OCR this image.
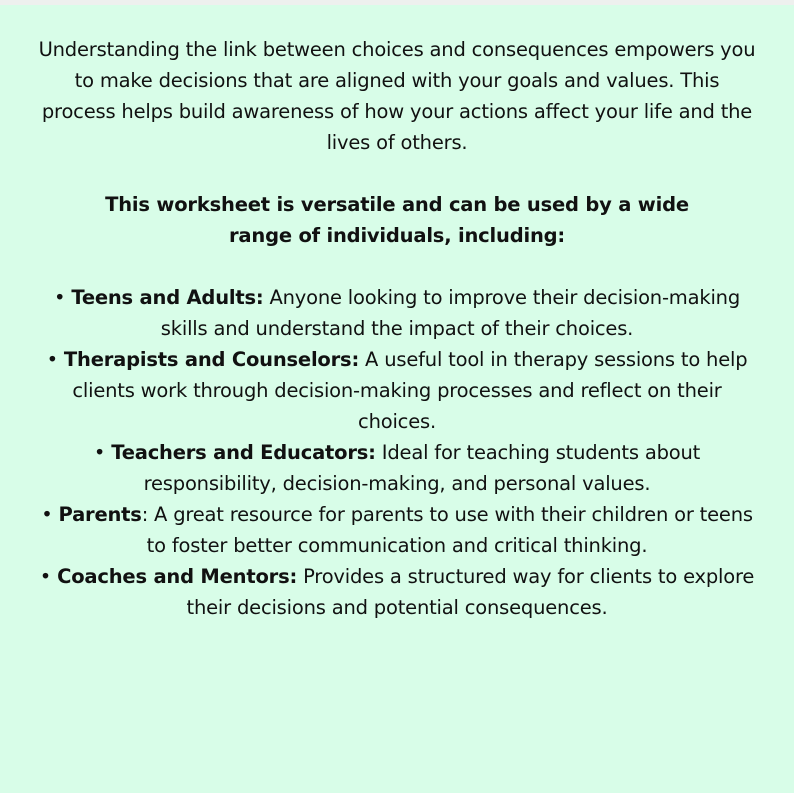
Understanding the link between choices and consequences empowers you to make decisions that are aligned with your goals and values. This process helps build awareness of how your actions affect your life and the lives of others.

This worksheet is versatile and can be used by a wide range of individuals, including:

• Teens and Adults: Anyone looking to improve their decision-making skills and understand the impact of their choices.

• Therapists and Counselors: A useful tool in therapy sessions to help clients work through decision-making processes and reflect on their choices.

• Teachers and Educators: Ideal for teaching students about responsibility, decision-making, and personal values.

• Parents: A great resource for parents to use with their children or teens to foster better communication and critical thinking.

• Coaches and Mentors: Provides a structured way for clients to explore their decisions and potential consequences.
